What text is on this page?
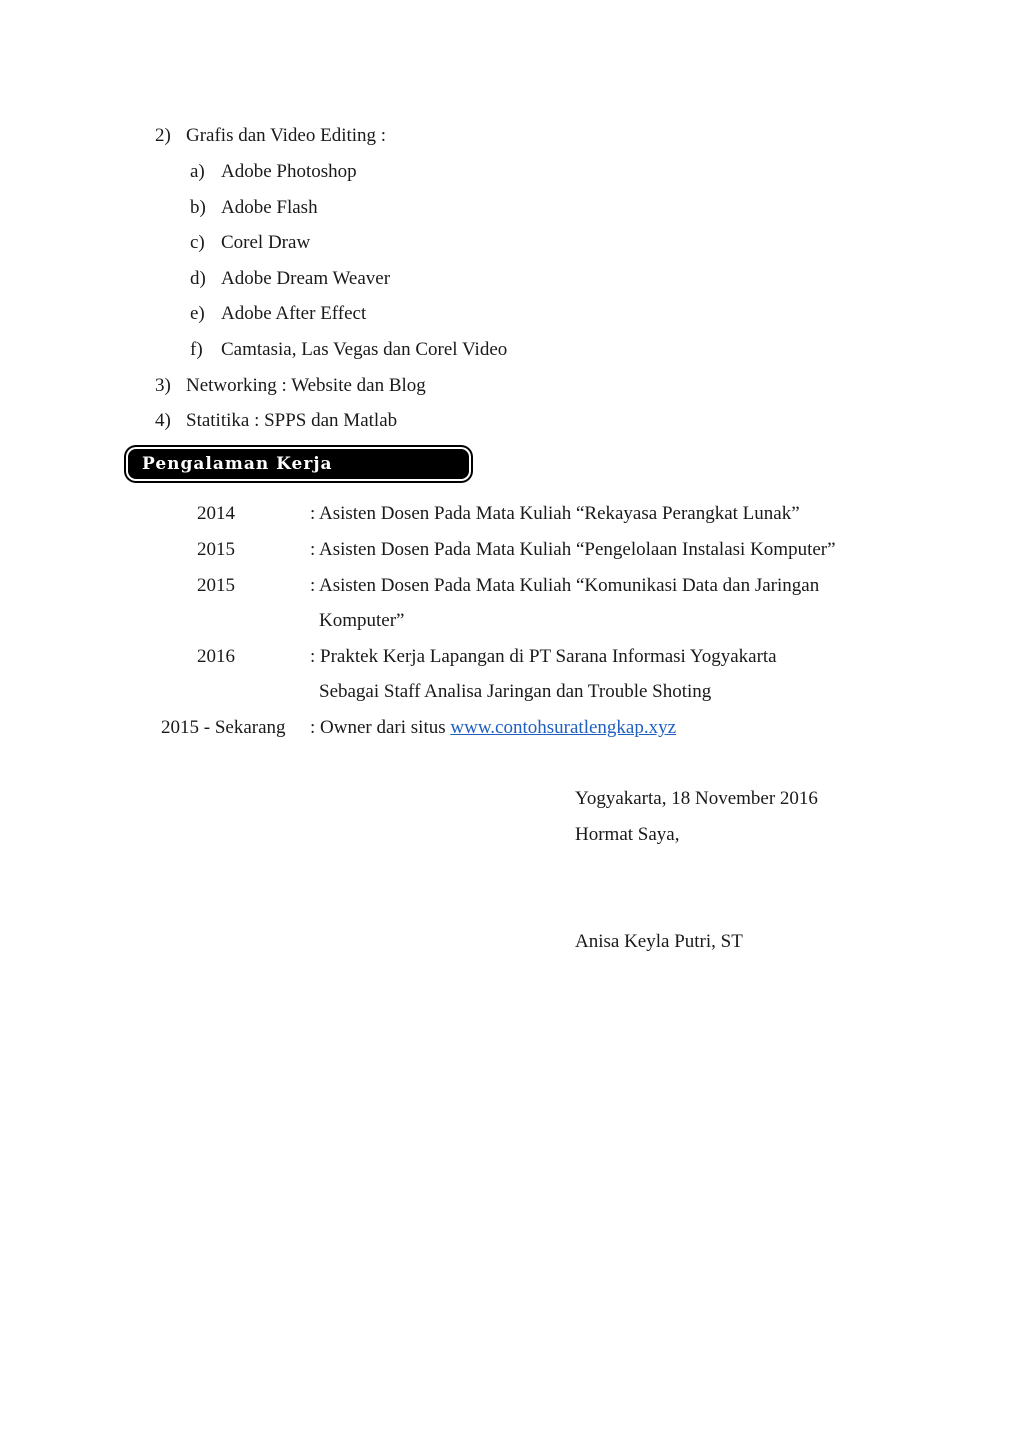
2) Grafis dan Video Editing :
a) Adobe Photoshop
b) Adobe Flash
c) Corel Draw
d) Adobe Dream Weaver
e) Adobe After Effect
f) Camtasia, Las Vegas dan Corel Video
3) Networking : Website dan Blog
4) Statitika : SPPS dan Matlab
Pengalaman Kerja
2014	: Asisten Dosen Pada Mata Kuliah “Rekayasa Perangkat Lunak”
2015	: Asisten Dosen Pada Mata Kuliah “Pengelolaan Instalasi Komputer”
2015	: Asisten Dosen Pada Mata Kuliah “Komunikasi Data dan Jaringan
Komputer”
2016	: Praktek Kerja Lapangan di PT Sarana Informasi Yogyakarta
Sebagai Staff Analisa Jaringan dan Trouble Shoting
2015 - Sekarang : Owner dari situs www.contohsuratlengkap.xyz
Yogyakarta, 18 November 2016
Hormat Saya,
Anisa Keyla Putri, ST
